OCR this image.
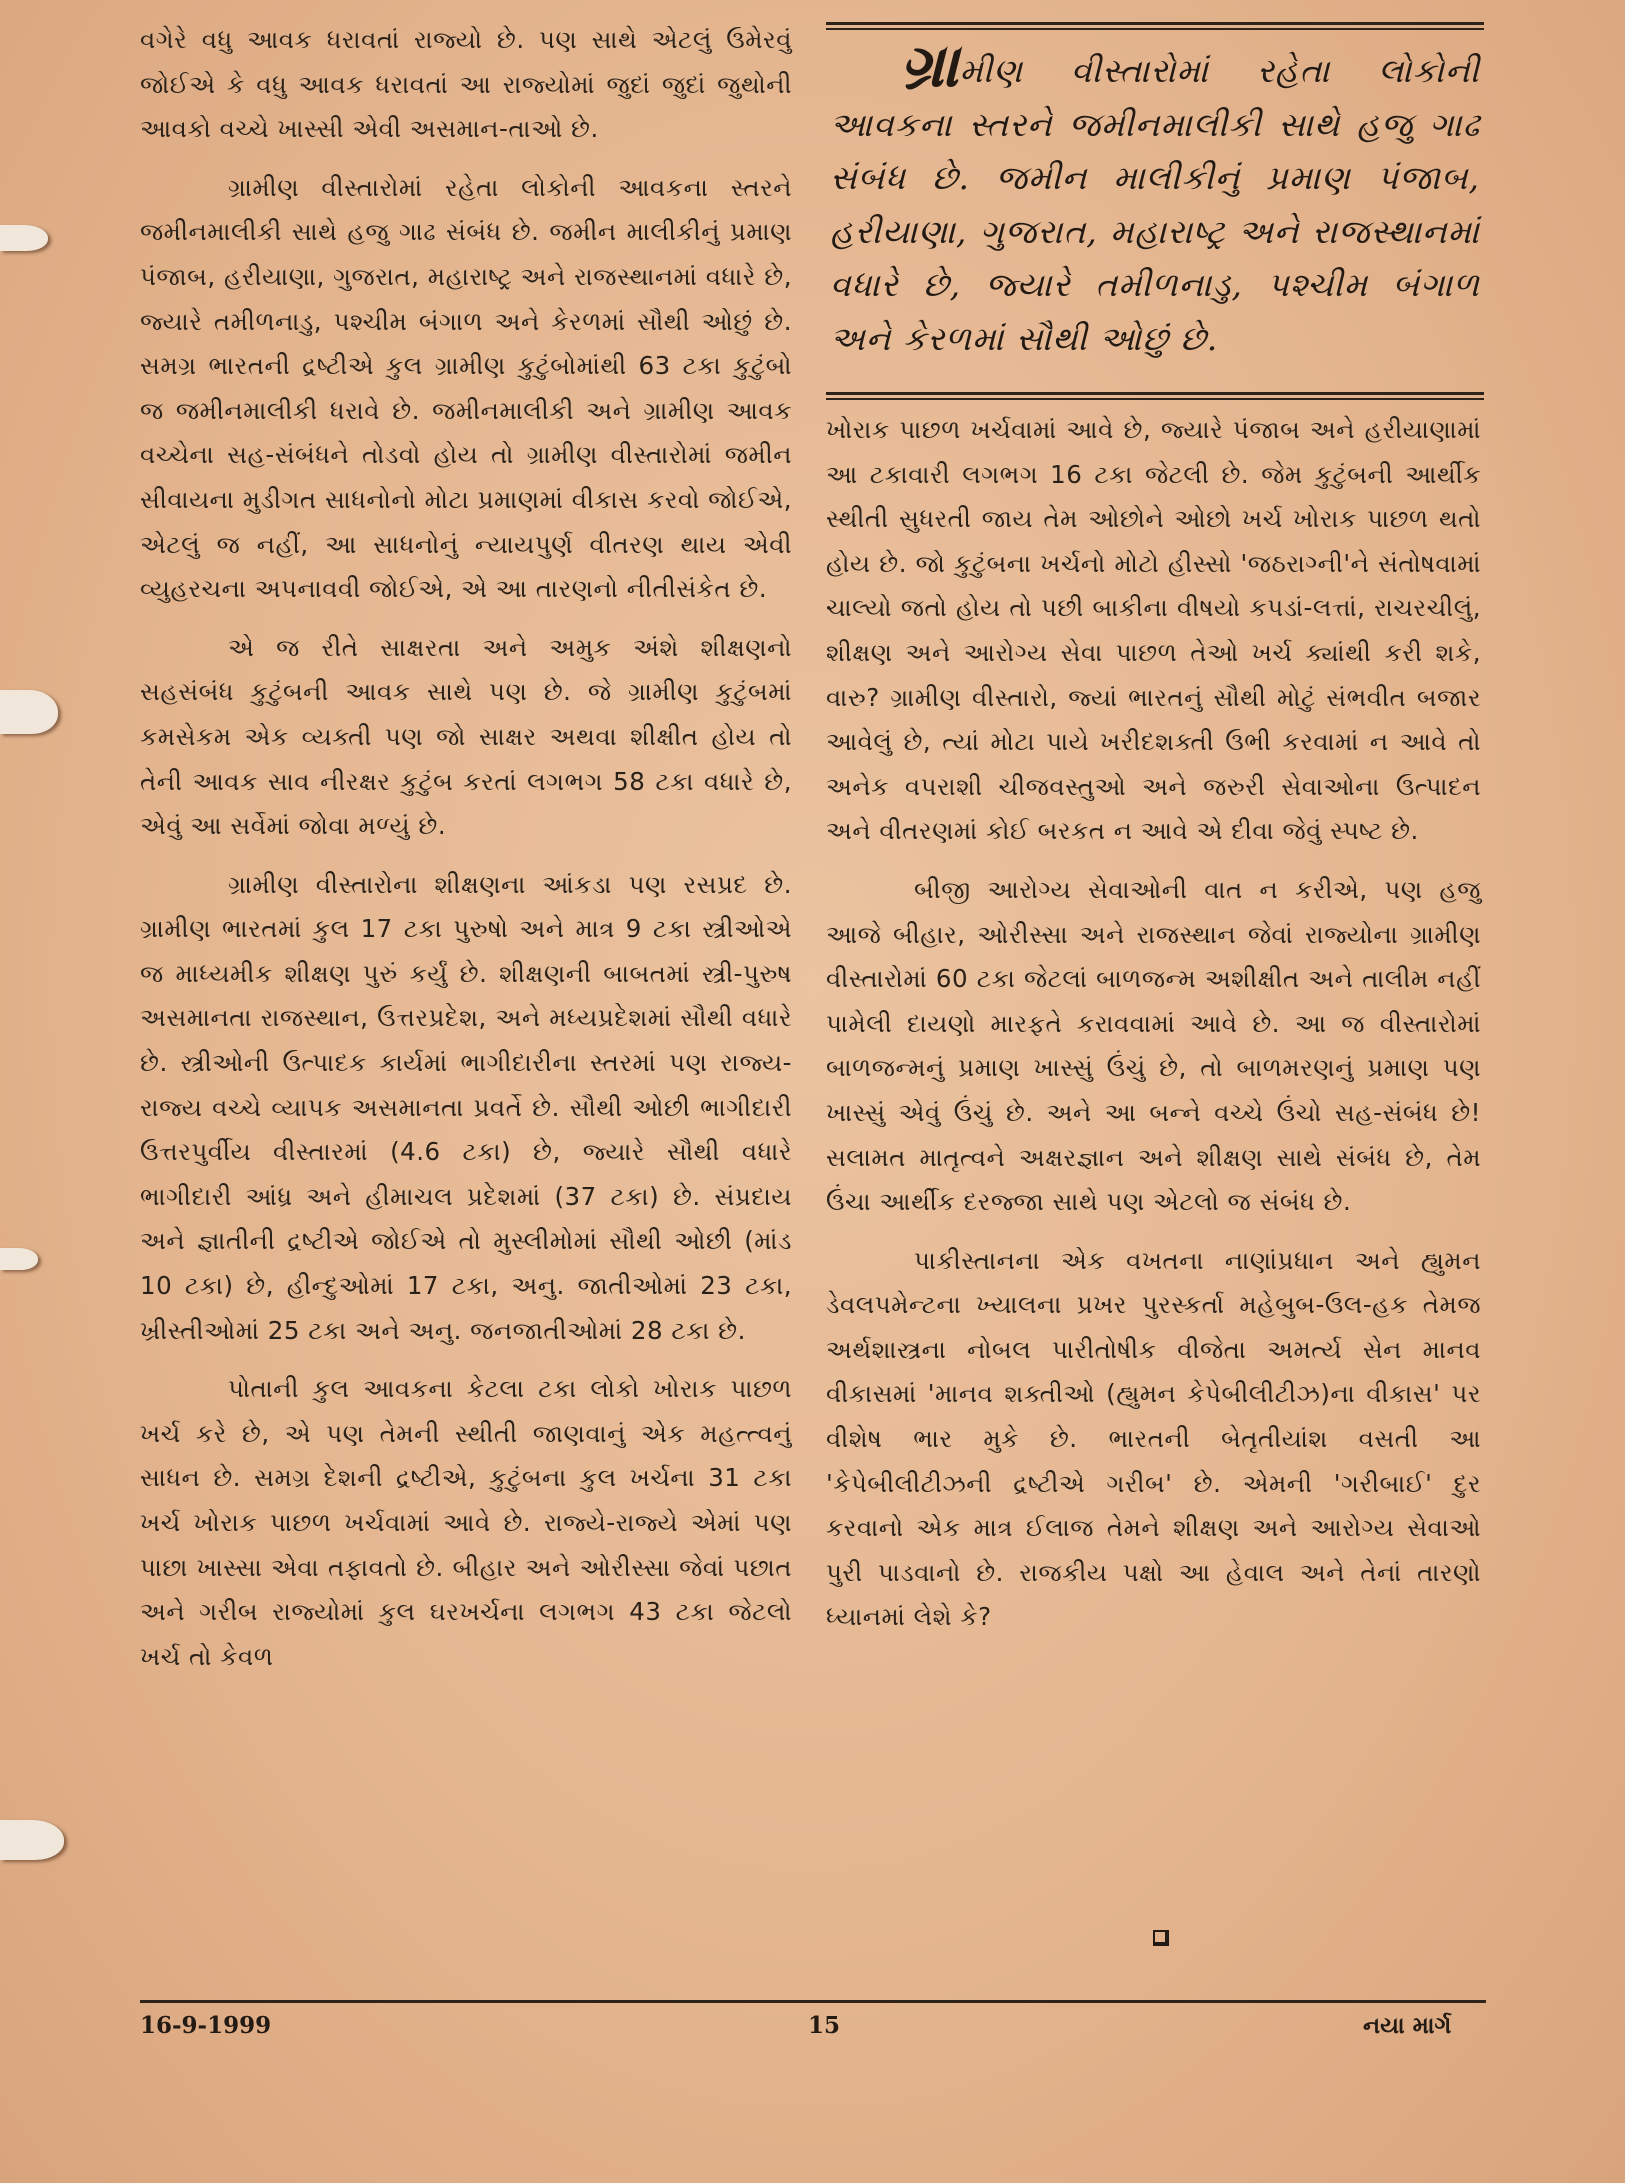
વગેરે વધુ આવક ધરાવતાં રાજ્યો છે. પણ સાથે એટલું ઉમેરવું જોઈએ કે વધુ આવક ધરાવતાં આ રાજ્યોમાં જુદાં જુદાં જુથોની આવકો વચ્ચે ખાસ્સી એવી અસમાન-તાઓ છે.

ગ્રામીણ વીસ્તારોમાં રહેતા લોકોની આવકના સ્તરને જમીનમાલીકી સાથે હજુ ગાઢ સંબંધ છે. જમીન માલીકીનું પ્રમાણ પંજાબ, હરીયાણા, ગુજરાત, મહારાષ્ટ્ર અને રાજસ્થાનમાં વધારે છે, જ્યારે તમીળનાડુ, પશ્ચીમ બંગાળ અને કેરળમાં સૌથી ઓછું છે. સમગ્ર ભારતની દ્રષ્ટીએ કુલ ગ્રામીણ કુટુંબોમાંથી 63 ટકા કુટુંબો જ જમીનમાલીકી ધરાવે છે. જમીનમાલીકી અને ગ્રામીણ આવક વચ્ચેના સહ-સંબંધને તોડવો હોય તો ગ્રામીણ વીસ્તારોમાં જમીન સીવાયના મુડીગત સાધનોનો મોટા પ્રમાણમાં વીકાસ કરવો જોઈએ, એટલું જ નહીં, આ સાધનોનું ન્યાયપુર્ણ વીતરણ થાય એવી વ્યુહરચના અપનાવવી જોઈએ, એ આ તારણનો નીતીસંકેત છે.

એ જ રીતે સાક્ષરતા અને અમુક અંશે શીક્ષણનો સહસંબંધ કુટુંબની આવક સાથે પણ છે. જે ગ્રામીણ કુટુંબમાં કમસેકમ એક વ્યક્તી પણ જો સાક્ષર અથવા શીક્ષીત હોય તો તેની આવક સાવ નીરક્ષર કુટુંબ કરતાં લગભગ 58 ટકા વધારે છે, એવું આ સર્વેમાં જોવા મળ્યું છે.

ગ્રામીણ વીસ્તારોના શીક્ષણના આંકડા પણ રસપ્રદ છે. ગ્રામીણ ભારતમાં કુલ 17 ટકા પુરુષો અને માત્ર 9 ટકા સ્ત્રીઓએ જ માધ્યમીક શીક્ષણ પુરું કર્યું છે. શીક્ષણની બાબતમાં સ્ત્રી-પુરુષ અસમાનતા રાજસ્થાન, ઉત્તરપ્રદેશ, અને મધ્યપ્રદેશમાં સૌથી વધારે છે. સ્ત્રીઓની ઉત્પાદક કાર્યમાં ભાગીદારીના સ્તરમાં પણ રાજ્ય-રાજ્ય વચ્ચે વ્યાપક અસમાનતા પ્રવર્તે છે. સૌથી ઓછી ભાગીદારી ઉત્તરપુર્વીય વીસ્તારમાં (4.6 ટકા) છે, જ્યારે સૌથી વધારે ભાગીદારી આંધ્ર અને હીમાચલ પ્રદેશમાં (37 ટકા) છે. સંપ્રદાય અને જ્ઞાતીની દ્રષ્ટીએ જોઈએ તો મુસ્લીમોમાં સૌથી ઓછી (માંડ 10 ટકા) છે, હીન્દુઓમાં 17 ટકા, અનુ. જાતીઓમાં 23 ટકા, ખ્રીસ્તીઓમાં 25 ટકા અને અનુ. જનજાતીઓમાં 28 ટકા છે.

પોતાની કુલ આવકના કેટલા ટકા લોકો ખોરાક પાછળ ખર્ચ કરે છે, એ પણ તેમની સ્થીતી જાણવાનું એક મહત્ત્વનું સાધન છે. સમગ્ર દેશની દ્રષ્ટીએ, કુટુંબના કુલ ખર્ચના 31 ટકા ખર્ચ ખોરાક પાછળ ખર્ચવામાં આવે છે. રાજ્યે-રાજ્યે એમાં પણ પાછા ખાસ્સા એવા તફાવતો છે. બીહાર અને ઓરીસ્સા જેવાં પછાત અને ગરીબ રાજ્યોમાં કુલ ઘરખર્ચના લગભગ 43 ટકા જેટલો ખર્ચ તો કેવળ

ગ્રામીણ વીસ્તારોમાં રહેતા લોકોની આવકના સ્તરને જમીનમાલીકી સાથે હજુ ગાઢ સંબંધ છે. જમીન માલીકીનું પ્રમાણ પંજાબ, હરીયાણા, ગુજરાત, મહારાષ્ટ્ર અને રાજસ્થાનમાં વધારે છે, જ્યારે તમીળનાડુ, પશ્ચીમ બંગાળ અને કેરળમાં સૌથી ઓછું છે.

ખોરાક પાછળ ખર્ચવામાં આવે છે, જ્યારે પંજાબ અને હરીયાણામાં આ ટકાવારી લગભગ 16 ટકા જેટલી છે. જેમ કુટુંબની આર્થીક સ્થીતી સુધરતી જાય તેમ ઓછોને ઓછો ખર્ચ ખોરાક પાછળ થતો હોય છે. જો કુટુંબના ખર્ચનો મોટો હીસ્સો 'જઠરાગ્ની'ને સંતોષવામાં ચાલ્યો જતો હોય તો પછી બાકીના વીષયો કપડાં-લત્તાં, રાચરચીલું, શીક્ષણ અને આરોગ્ય સેવા પાછળ તેઓ ખર્ચ ક્યાંથી કરી શકે, વારુ? ગ્રામીણ વીસ્તારો, જ્યાં ભારતનું સૌથી મોટું સંભવીત બજાર આવેલું છે, ત્યાં મોટા પાયે ખરીદશક્તી ઉભી કરવામાં ન આવે તો અનેક વપરાશી ચીજવસ્તુઓ અને જરુરી સેવાઓના ઉત્પાદન અને વીતરણમાં કોઈ બરકત ન આવે એ દીવા જેવું સ્પષ્ટ છે.

બીજી આરોગ્ય સેવાઓની વાત ન કરીએ, પણ હજુ આજે બીહાર, ઓરીસ્સા અને રાજસ્થાન જેવાં રાજ્યોના ગ્રામીણ વીસ્તારોમાં 60 ટકા જેટલાં બાળજન્મ અશીક્ષીત અને તાલીમ નહીં પામેલી દાયણો મારફતે કરાવવામાં આવે છે. આ જ વીસ્તારોમાં બાળજન્મનું પ્રમાણ ખાસ્સું ઉંચું છે, તો બાળમરણનું પ્રમાણ પણ ખાસ્સું એવું ઉંચું છે. અને આ બન્ને વચ્ચે ઉંચો સહ-સંબંધ છે! સલામત માતૃત્વને અક્ષરજ્ઞાન અને શીક્ષણ સાથે સંબંધ છે, તેમ ઉંચા આર્થીક દરજ્જા સાથે પણ એટલો જ સંબંધ છે.

પાકીસ્તાનના એક વખતના નાણાંપ્રધાન અને હ્યુમન ડેવલપમેન્ટના ખ્યાલના પ્રખર પુરસ્કર્તા મહેબુબ-ઉલ-હક તેમજ અર્થશાસ્ત્રના નોબલ પારીતોષીક વીજેતા અમર્ત્ય સેન માનવ વીકાસમાં 'માનવ શક્તીઓ (હ્યુમન કેપેબીલીટીઝ)ના વીકાસ' પર વીશેષ ભાર મુકે છે. ભારતની બેતૃતીયાંશ વસતી આ 'કેપેબીલીટીઝની દ્રષ્ટીએ ગરીબ' છે. એમની 'ગરીબાઈ' દુર કરવાનો એક માત્ર ઈલાજ તેમને શીક્ષણ અને આરોગ્ય સેવાઓ પુરી પાડવાનો છે. રાજકીય પક્ષો આ હેવાલ અને તેનાં તારણો ધ્યાનમાં લેશે કે?

16-9-1999	15	નયા માર્ગ
